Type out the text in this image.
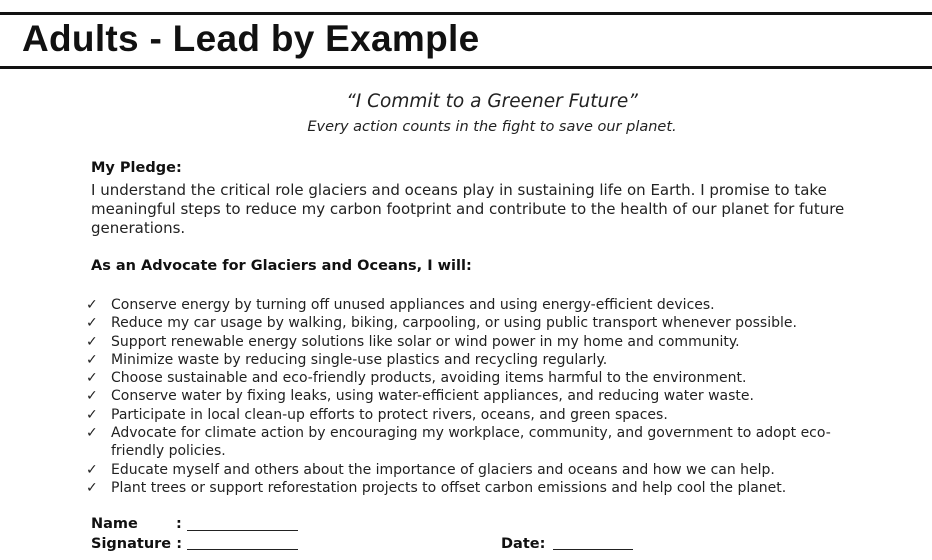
Adults - Lead by Example
“I Commit to a Greener Future”
Every action counts in the fight to save our planet.
My Pledge:

I understand the critical role glaciers and oceans play in sustaining life on Earth. I promise to take meaningful steps to reduce my carbon footprint and contribute to the health of our planet for future generations.

As an Advocate for Glaciers and Oceans, I will:
✓ Conserve energy by turning off unused appliances and using energy-efficient devices.
✓ Reduce my car usage by walking, biking, carpooling, or using public transport whenever possible.
✓ Support renewable energy solutions like solar or wind power in my home and community.
✓ Minimize waste by reducing single-use plastics and recycling regularly.
✓ Choose sustainable and eco-friendly products, avoiding items harmful to the environment.
✓ Conserve water by fixing leaks, using water-efficient appliances, and reducing water waste.
✓ Participate in local clean-up efforts to protect rivers, oceans, and green spaces.
✓ Advocate for climate action by encouraging my workplace, community, and government to adopt eco-friendly policies.
✓ Educate myself and others about the importance of glaciers and oceans and how we can help.
✓ Plant trees or support reforestation projects to offset carbon emissions and help cool the planet.
Name	:
Signature :	Date:
